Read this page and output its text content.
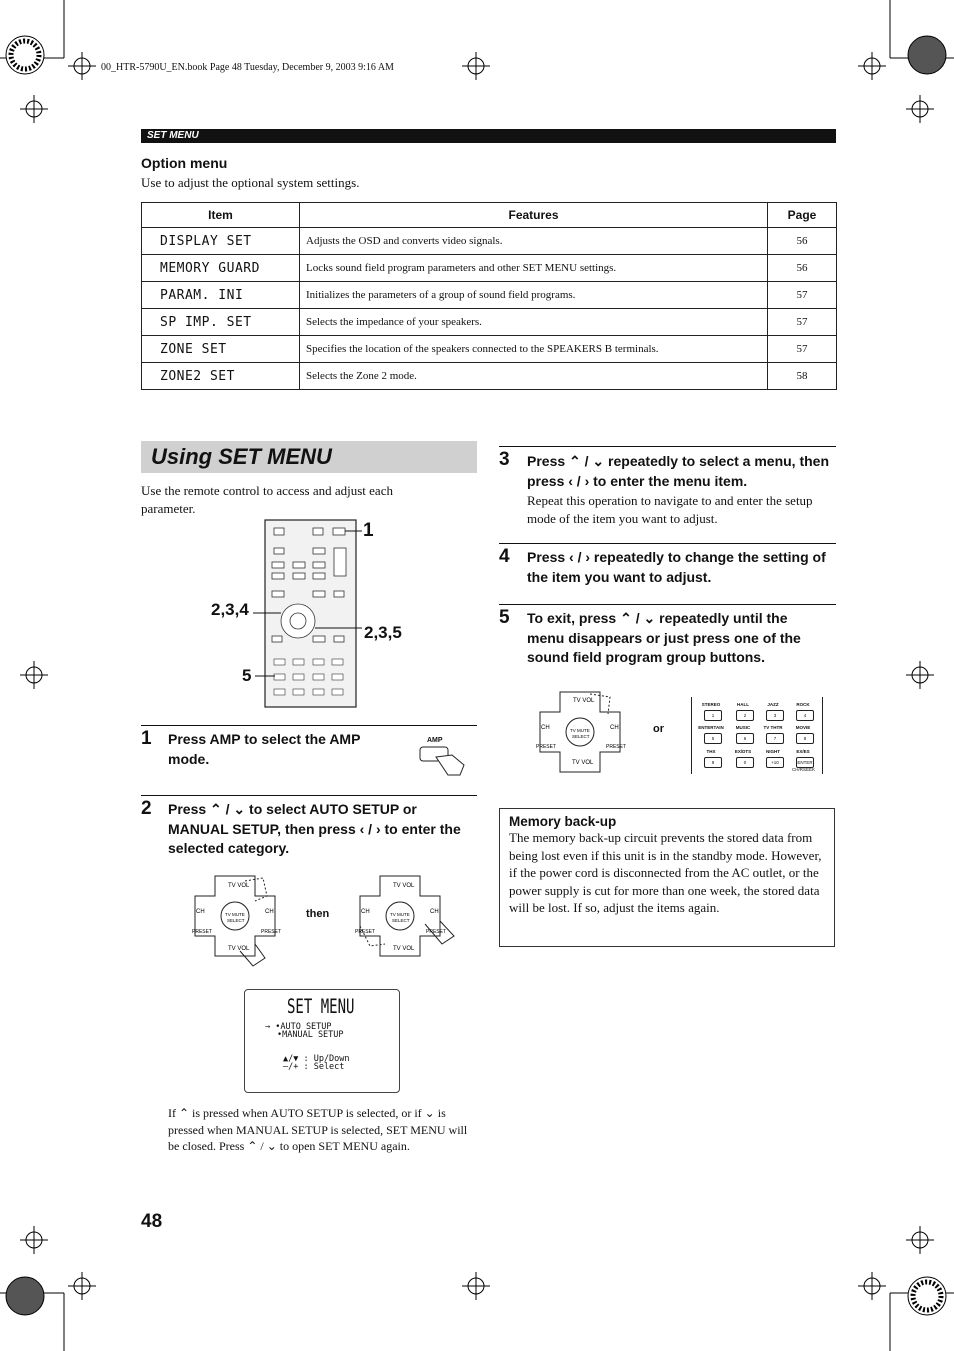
00_HTR-5790U_EN.book Page 48 Tuesday, December 9, 2003 9:16 AM
SET MENU
Option menu
Use to adjust the optional system settings.
Item	Features	Page
DISPLAY SET	Adjusts the OSD and converts video signals.	56
MEMORY GUARD	Locks sound field program parameters and other SET MENU settings.	56
PARAM. INI	Initializes the parameters of a group of sound field programs.	57
SP IMP. SET	Selects the impedance of your speakers.	57
ZONE SET	Specifies the location of the speakers connected to the SPEAKERS B terminals.	57
ZONE2 SET	Selects the Zone 2 mode.	58
Using SET MENU
Use the remote control to access and adjust each parameter.
1
2,3,4
2,3,5
5
1 Press AMP to select the AMP mode.
AMP
2 Press ⌃ / ⌄ to select AUTO SETUP or MANUAL SETUP, then press ‹ / › to enter the selected category.
TV VOL
CH	CH
PRESET	PRESET
TV VOL
TV MUTE
SELECT
then
TV VOL
CH	CH
PRESET	PRESET
TV VOL
TV MUTE
SELECT
SET MENU
→ •AUTO SETUP
•MANUAL SETUP
▲/▼ : Up/Down
–/+ : Select
If ⌃ is pressed when AUTO SETUP is selected, or if ⌄ is pressed when MANUAL SETUP is selected, SET MENU will be closed. Press ⌃ / ⌄ to open SET MENU again.
3 Press ⌃ / ⌄ repeatedly to select a menu, then press ‹ / › to enter the menu item.
Repeat this operation to navigate to and enter the setup mode of the item you want to adjust.
4 Press ‹ / › repeatedly to change the setting of the item you want to adjust.
5 To exit, press ⌃ / ⌄ repeatedly until the menu disappears or just press one of the sound field program group buttons.
TV VOL
CH	CH
PRESET	PRESET
TV VOL
TV MUTE
SELECT
or
STEREO
1
HALL
2
JAZZ
3
ROCK
4
ENTERTAIN
5
MUSIC
6
TV THTR
7
MOVIE
8
THX
9
EX/DTS
0
NIGHT
+10
EX/ES
ENTER
CH/RSEEK
Memory back-up
The memory back-up circuit prevents the stored data from being lost even if this unit is in the standby mode. However, if the power cord is disconnected from the AC outlet, or the power supply is cut for more than one week, the stored data will be lost. If so, adjust the items again.
48
